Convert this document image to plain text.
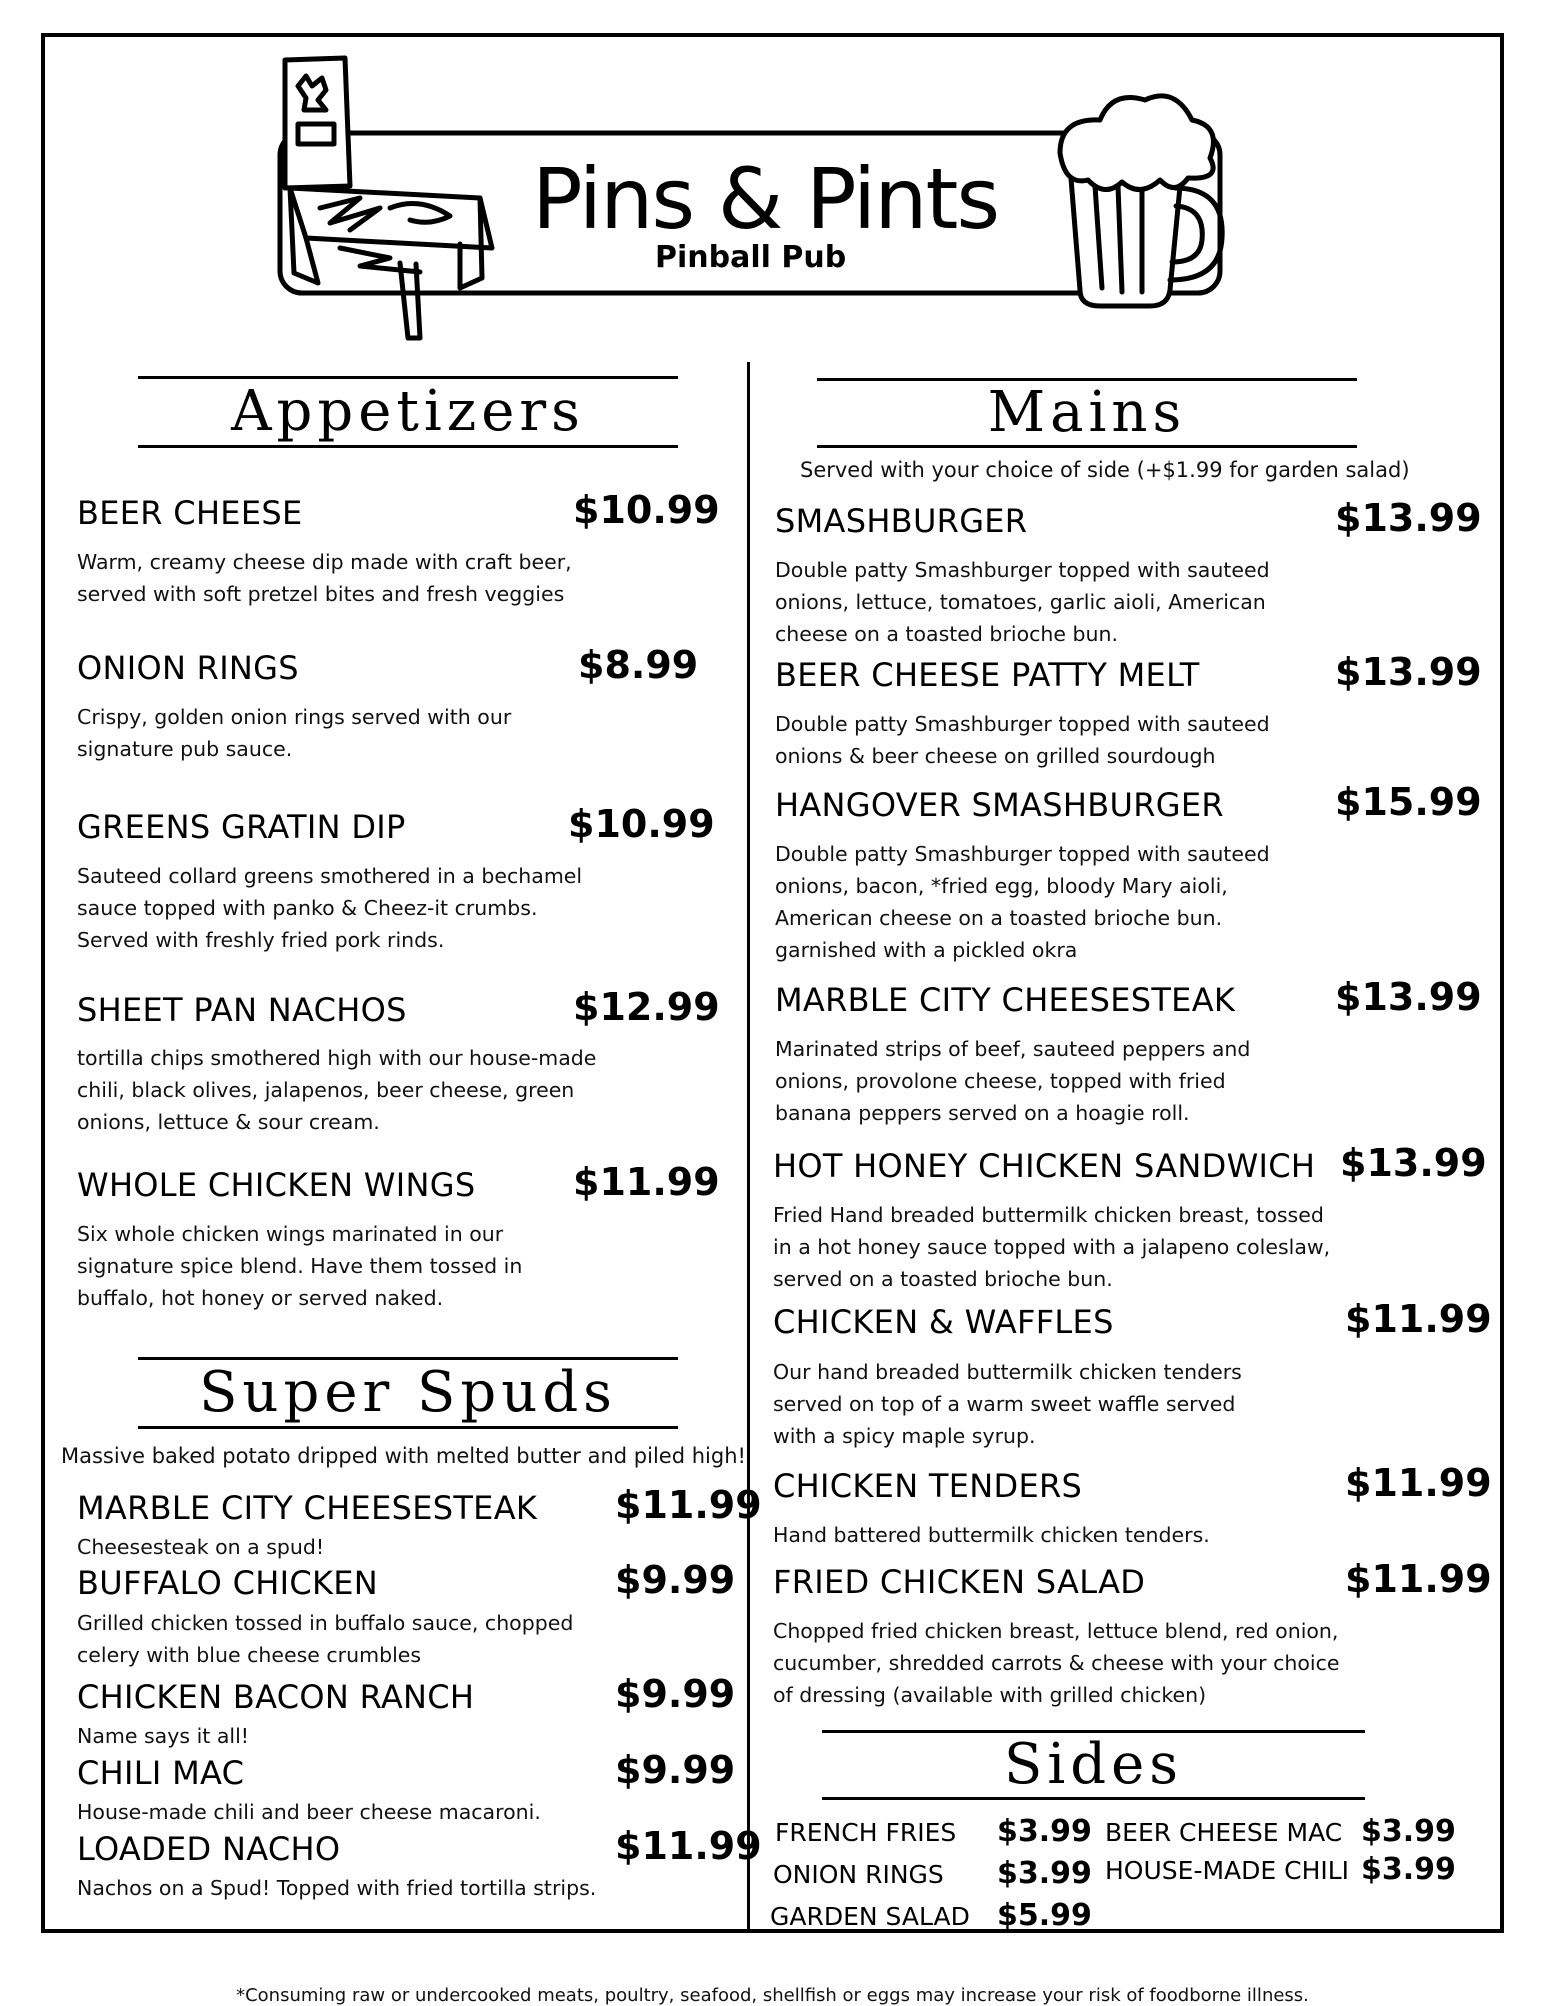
Pins & Pints
Pinball Pub
Appetizers
BEER CHEESE	$10.99
Warm, creamy cheese dip made with craft beer, served with soft pretzel bites and fresh veggies
ONION RINGS	$8.99
Crispy, golden onion rings served with our signature pub sauce.
GREENS GRATIN DIP	$10.99
Sauteed collard greens smothered in a bechamel sauce topped with panko & Cheez-it crumbs. Served with freshly fried pork rinds.
SHEET PAN NACHOS	$12.99
tortilla chips smothered high with our house-made chili, black olives, jalapenos, beer cheese, green onions, lettuce & sour cream.
WHOLE CHICKEN WINGS	$11.99
Six whole chicken wings marinated in our signature spice blend. Have them tossed in buffalo, hot honey or served naked.
Super Spuds
Massive baked potato dripped with melted butter and piled high!
MARBLE CITY CHEESESTEAK $11.99
Cheesesteak on a spud!
BUFFALO CHICKEN	$9.99
Grilled chicken tossed in buffalo sauce, chopped celery with blue cheese crumbles
CHICKEN BACON RANCH	$9.99
Name says it all!
CHILI MAC	$9.99
House-made chili and beer cheese macaroni.
LOADED NACHO	$11.99
Nachos on a Spud! Topped with fried tortilla strips.
Mains
Served with your choice of side (+$1.99 for garden salad)
SMASHBURGER	$13.99
Double patty Smashburger topped with sauteed onions, lettuce, tomatoes, garlic aioli, American cheese on a toasted brioche bun.
BEER CHEESE PATTY MELT	$13.99
Double patty Smashburger topped with sauteed onions & beer cheese on grilled sourdough
HANGOVER SMASHBURGER	$15.99
Double patty Smashburger topped with sauteed onions, bacon, *fried egg, bloody Mary aioli, American cheese on a toasted brioche bun. garnished with a pickled okra
MARBLE CITY CHEESESTEAK	$13.99
Marinated strips of beef, sauteed peppers and onions, provolone cheese, topped with fried banana peppers served on a hoagie roll.
HOT HONEY CHICKEN SANDWICH $13.99
Fried Hand breaded buttermilk chicken breast, tossed in a hot honey sauce topped with a jalapeno coleslaw, served on a toasted brioche bun.
CHICKEN & WAFFLES	$11.99
Our hand breaded buttermilk chicken tenders served on top of a warm sweet waffle served with a spicy maple syrup.
CHICKEN TENDERS	$11.99
Hand battered buttermilk chicken tenders.
FRIED CHICKEN SALAD	$11.99
Chopped fried chicken breast, lettuce blend, red onion, cucumber, shredded carrots & cheese with your choice of dressing (available with grilled chicken)
Sides
FRENCH FRIES $3.99
ONION RINGS $3.99
GARDEN SALAD $5.99
BEER CHEESE MAC $3.99
HOUSE-MADE CHILI $3.99
*Consuming raw or undercooked meats, poultry, seafood, shellfish or eggs may increase your risk of foodborne illness.
